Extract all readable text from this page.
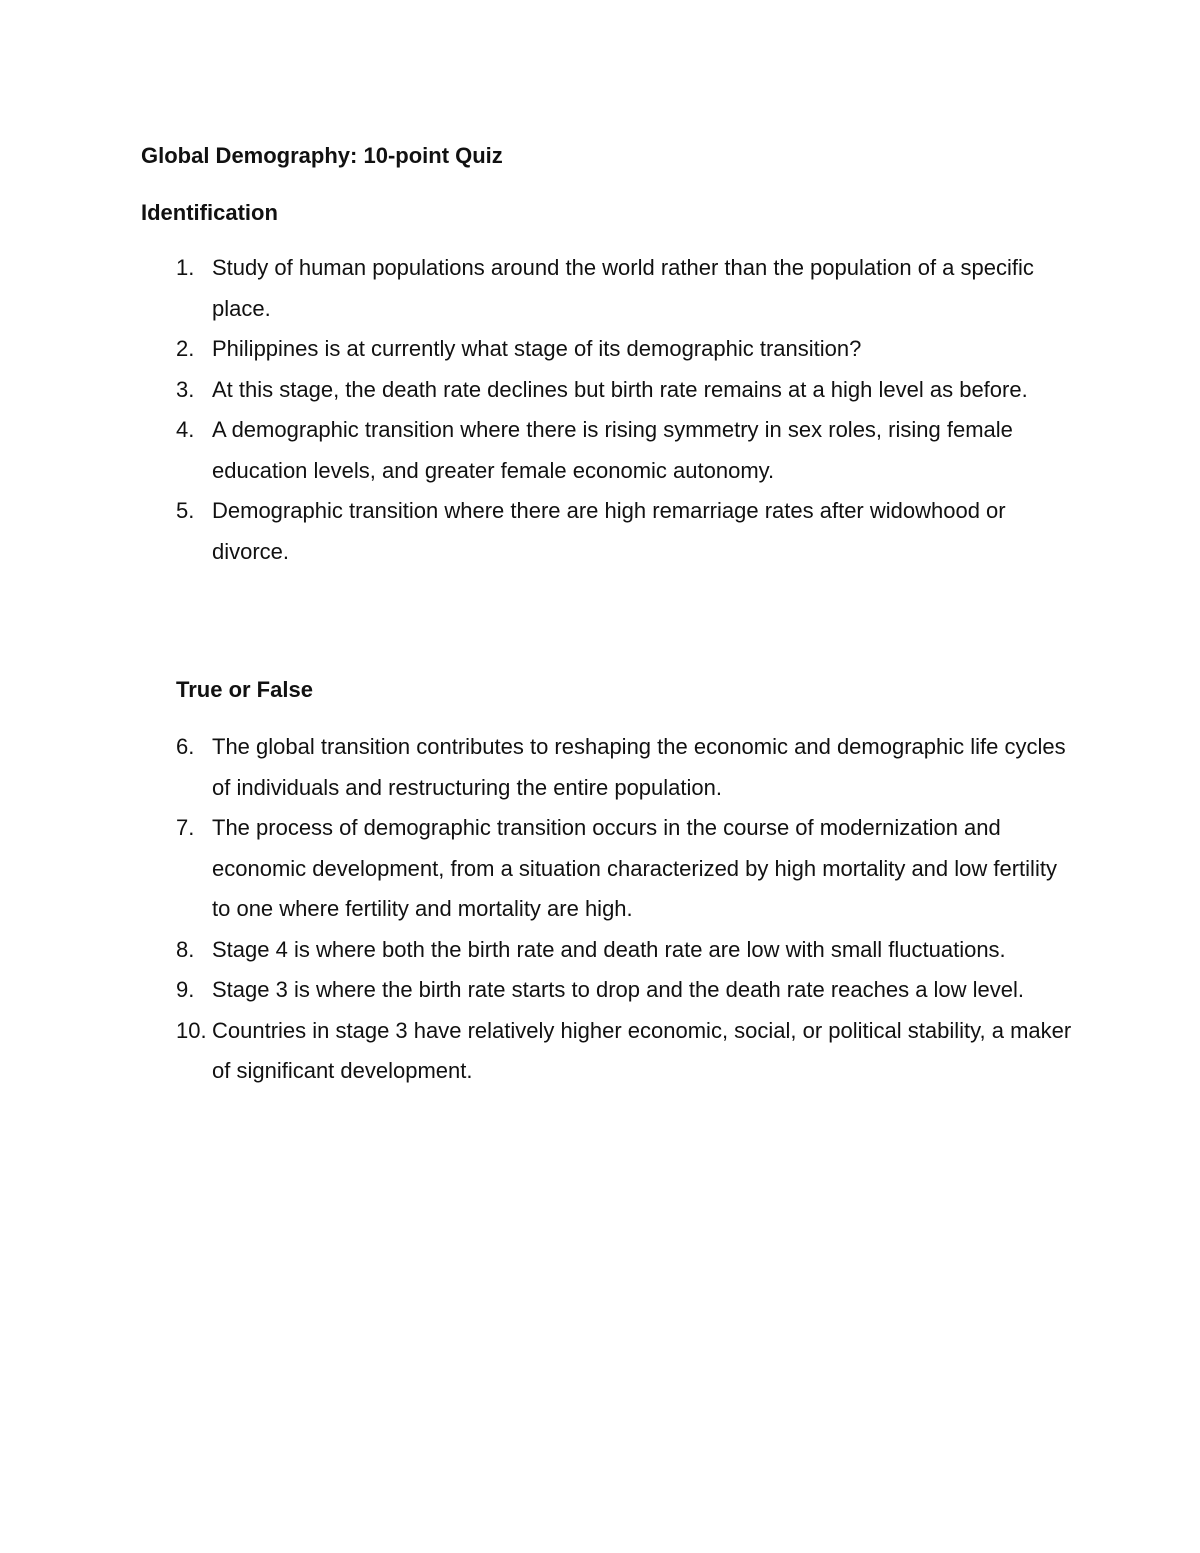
Global Demography: 10-point Quiz
Identification
1. Study of human populations around the world rather than the population of a specific place.
2. Philippines is at currently what stage of its demographic transition?
3. At this stage, the death rate declines but birth rate remains at a high level as before.
4. A demographic transition where there is rising symmetry in sex roles, rising female education levels, and greater female economic autonomy.
5. Demographic transition where there are high remarriage rates after widowhood or divorce.
True or False
6. The global transition contributes to reshaping the economic and demographic life cycles of individuals and restructuring the entire population.
7. The process of demographic transition occurs in the course of modernization and economic development, from a situation characterized by high mortality and low fertility to one where fertility and mortality are high.
8. Stage 4 is where both the birth rate and death rate are low with small fluctuations.
9. Stage 3 is where the birth rate starts to drop and the death rate reaches a low level.
10. Countries in stage 3 have relatively higher economic, social, or political stability, a maker of significant development.
